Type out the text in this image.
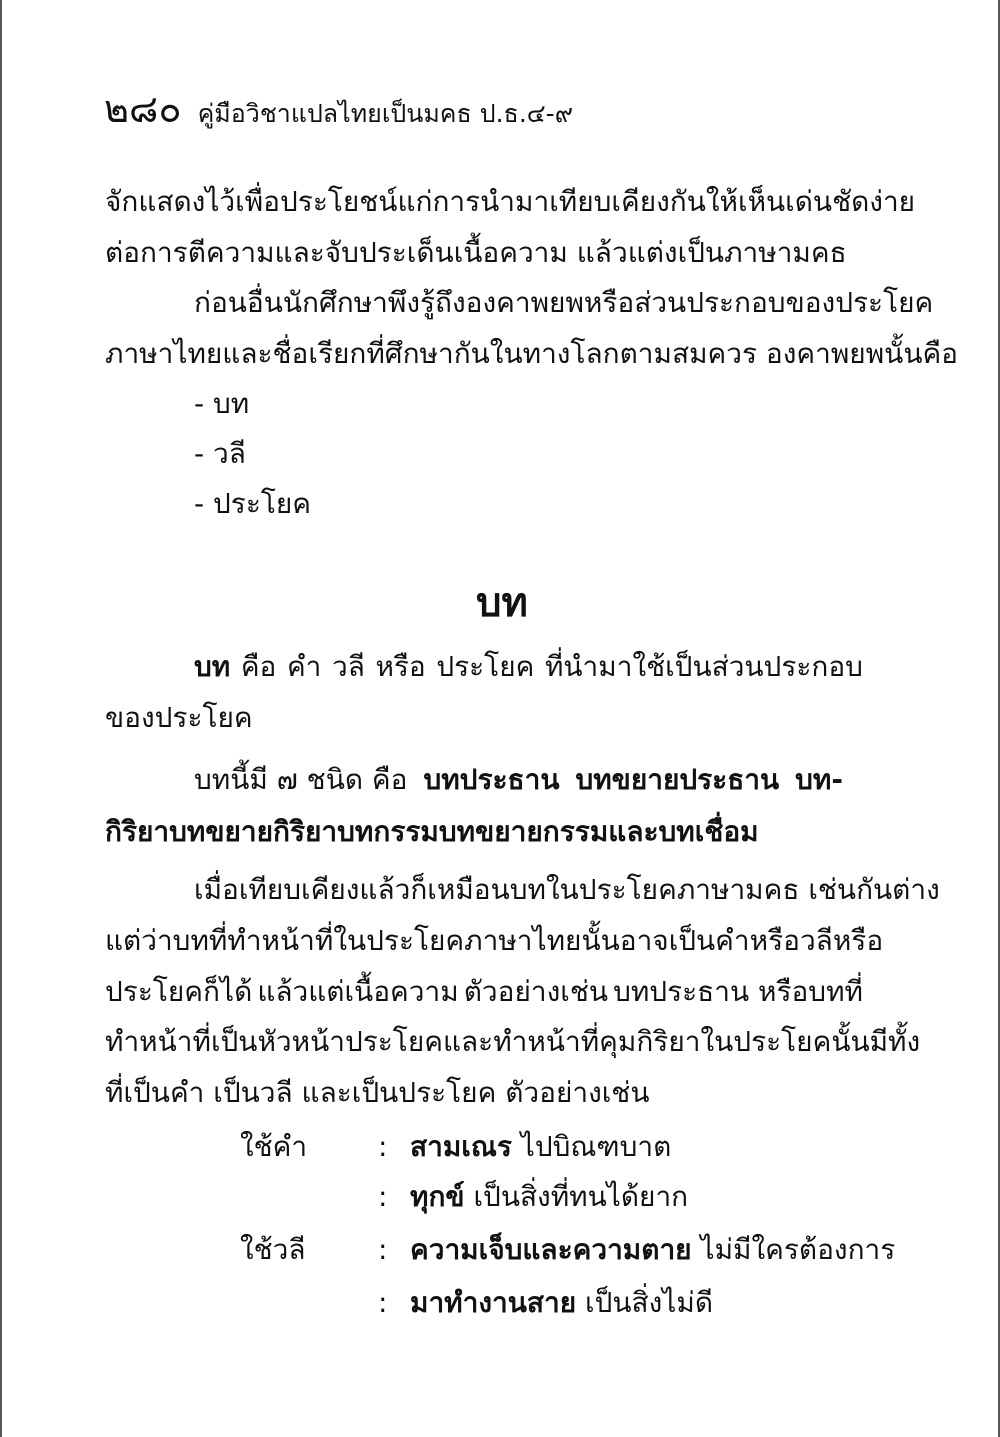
๒๘๐ คู่มือวิชาแปลไทยเป็นมคธ ป.ธ.๔-๙
จักแสดงไว้เพื่อประโยชน์แก่การนำมาเทียบเคียงกันให้เห็นเด่นชัด ง่าย
ต่อการตีความและจับประเด็นเนื้อความ แล้วแต่งเป็นภาษามคธ
ก่อนอื่นนักศึกษาพึงรู้ถึงองคาพยพหรือส่วนประกอบของประโยค
ภาษาไทยและชื่อเรียกที่ศึกษากันในทางโลกตามสมควร องคาพยพนั้นคือ
- บท
- วลี
- ประโยค
บท
บท คือ คำ วลี หรือ ประโยค ที่นำมาใช้เป็นส่วนประกอบ
ของประโยค
บทนี้มี ๗ ชนิด คือ บทประธาน บทขยายประธาน บท-
กิริยา บทขยายกิริยา บทกรรม บทขยายกรรม และบทเชื่อม
เมื่อเทียบเคียงแล้วก็เหมือนบทในประโยคภาษามคธ เช่นกัน ต่าง
แต่ว่าบทที่ทำหน้าที่ในประโยคภาษาไทยนั้นอาจเป็นคำ หรือวลี หรือ
ประโยคก็ได้ แล้วแต่เนื้อความ ตัวอย่างเช่น บทประธาน หรือบทที่
ทำหน้าที่เป็นหัวหน้าประโยค และทำหน้าที่คุมกิริยาในประโยคนั้นมีทั้ง
ที่เป็นคำ เป็นวลี และเป็นประโยค ตัวอย่างเช่น
ใช้คำ	: สามเณร ไปบิณฑบาต
: ทุกข์ เป็นสิ่งที่ทนได้ยาก
ใช้วลี	: ความเจ็บและความตาย ไม่มีใครต้องการ
: มาทำงานสาย เป็นสิ่งไม่ดี
